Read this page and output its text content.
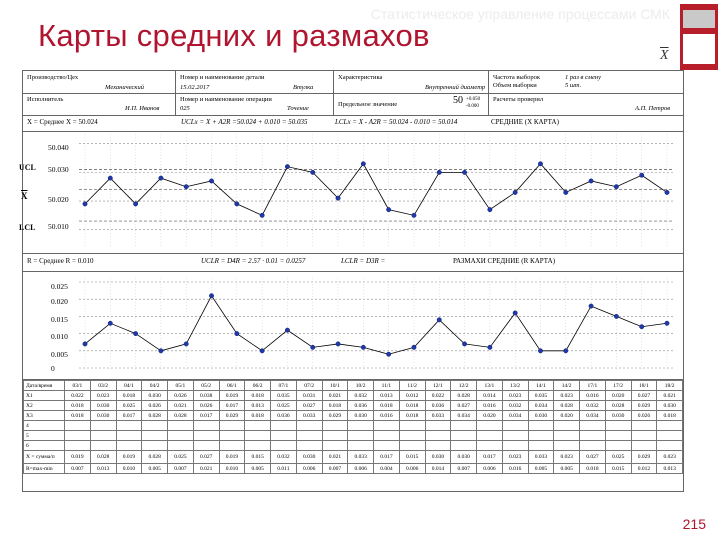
Карты средних и размахов
Статистическое управление процессами СМК
$\overline{X}$
Производство/Цех
Механический
Номер и наименование детали
15.02.2017	Втулка
Характеристика
Внутренний диаметр
Частота выборок	1 раз в смену
Объем выборки	5 шт.
Исполнитель
И.П. Иванов
Номер и наименование операции
025	Точение
Предельное значение	50 +0.050
-0.000
Расчеты проверил
А.П. Петров
X = Среднее X = 50.024	UCLx = X + A2R =50.024 + 0.010 = 50.035	LCLx = X - A2R = 50.024 - 0.010 = 50.014	СРЕДНИЕ (X КАРТА)
UCL
$\overline{X}$
LCL
50.040
50.030
50.020
50.010
R = Среднее R = 0.010	UCLR = D4R = 2.57 · 0.01 = 0.0257	LCLR = D3R =	РАЗМАХИ СРЕДНИЕ (R КАРТА)
0.025
0.020
0.015
0.010
0.005
0
Дата/время	03/1	03/2	04/1	04/2	05/1	05/2	06/1	06/2	07/1	07/2	10/1	10/2	11/1	11/2	12/1	12/2	13/1	13/2	14/1	14/2	17/1	17/2	18/1	18/2
X1	0.022	0.023	0.018	0.030	0.026	0.038	0.019	0.018	0.035	0.031	0.021	0.032	0.013	0.012	0.022	0.028	0.014	0.023	0.035	0.023	0.016	0.020	0.027	0.021
X2	0.018	0.030	0.025	0.026	0.021	0.026	0.017	0.013	0.025	0.027	0.018	0.036	0.018	0.018	0.036	0.027	0.016	0.032	0.034	0.028	0.032	0.028	0.029	0.030
X3	0.018	0.030	0.017	0.028	0.028	0.017	0.029	0.018	0.036	0.033	0.029	0.030	0.016	0.018	0.033	0.034	0.020	0.034	0.030	0.020	0.034	0.030	0.026	0.018
4																								
5																								
6																								
X = сумма/п	0.019	0.028	0.019	0.028	0.025	0.027	0.019	0.015	0.032	0.030	0.021	0.033	0.017	0.015	0.030	0.030	0.017	0.023	0.033	0.023	0.027	0.025	0.029	0.023
R=max-min	0.007	0.013	0.010	0.005	0.007	0.021	0.010	0.005	0.011	0.006	0.007	0.006	0.004	0.006	0.014	0.007	0.006	0.016	0.005	0.005	0.018	0.015	0.012	0.013
215
